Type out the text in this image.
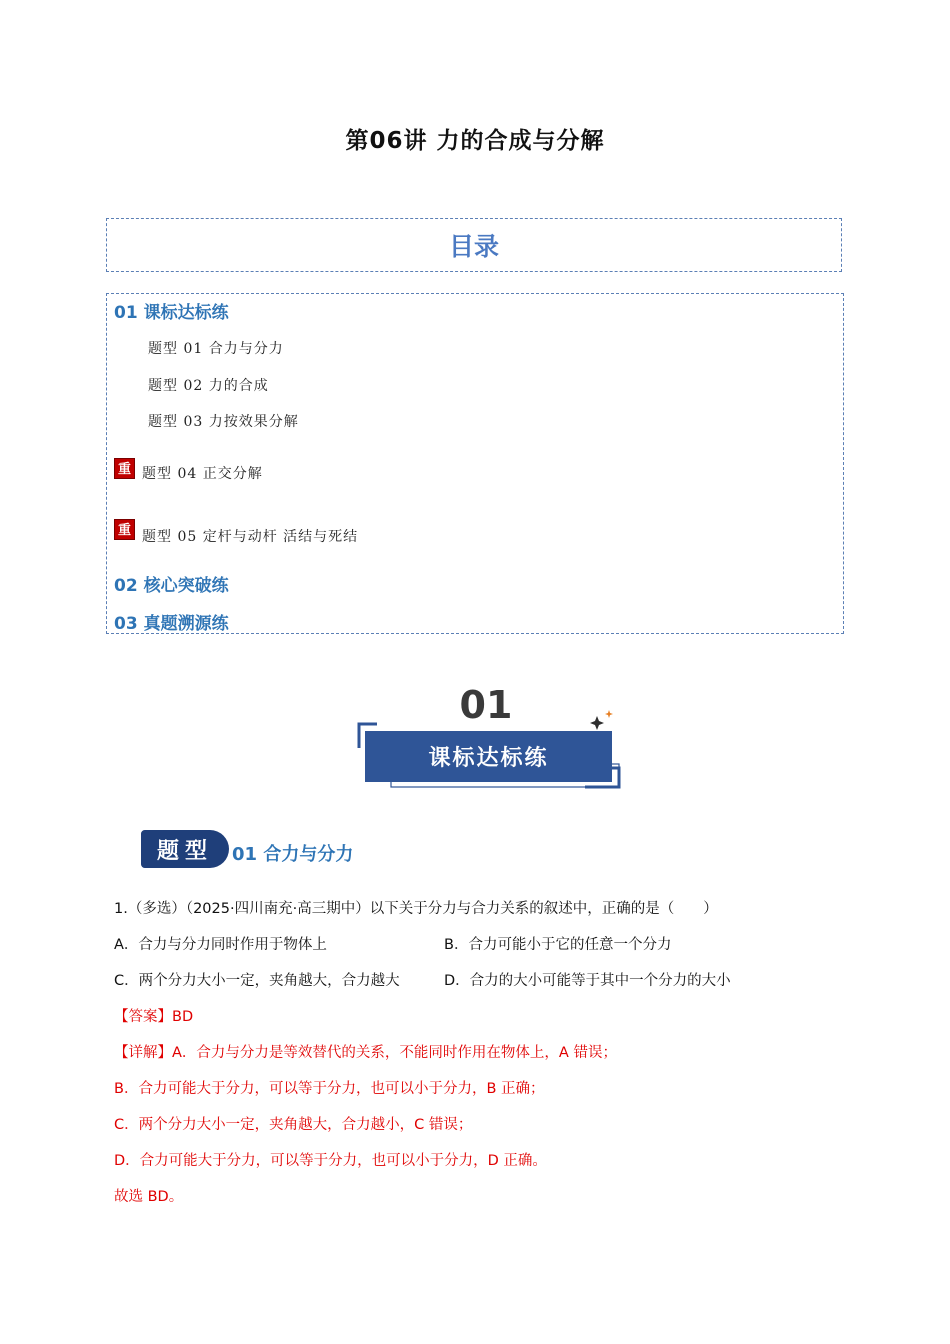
第06讲 力的合成与分解
目录
01 课标达标练
题型 01 合力与分力
题型 02 力的合成
题型 03 力按效果分解
重 题型 04 正交分解
重 题型 05 定杆与动杆 活结与死结
02 核心突破练
03 真题溯源练
01
课标达标练
题型 01 合力与分力
1.（多选）（2025·四川南充·高三期中）以下关于分力与合力关系的叙述中，正确的是（　　）
A．合力与分力同时作用于物体上	B．合力可能小于它的任意一个分力
C．两个分力大小一定，夹角越大，合力越大	D．合力的大小可能等于其中一个分力的大小
【答案】BD
【详解】A．合力与分力是等效替代的关系，不能同时作用在物体上，A 错误；
B．合力可能大于分力，可以等于分力，也可以小于分力，B 正确；
C．两个分力大小一定，夹角越大，合力越小，C 错误；
D．合力可能大于分力，可以等于分力，也可以小于分力，D 正确。
故选 BD。
